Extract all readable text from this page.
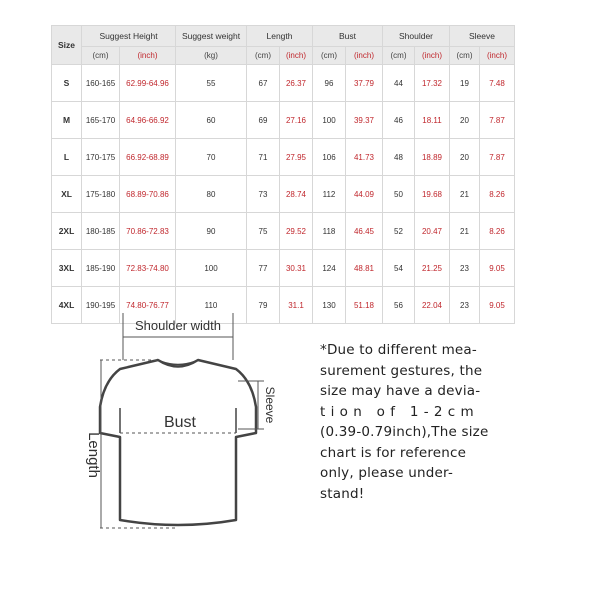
Size	Suggest Height		Suggest weight	Length		Bust		Shoulder		Sleeve	
	(cm)	(inch)	(kg)	(cm)	(inch)	(cm)	(inch)	(cm)	(inch)	(cm)	(inch)
S	160-165	62.99-64.96	55	67	26.37	96	37.79	44	17.32	19	7.48
M	165-170	64.96-66.92	60	69	27.16	100	39.37	46	18.11	20	7.87
L	170-175	66.92-68.89	70	71	27.95	106	41.73	48	18.89	20	7.87
XL	175-180	68.89-70.86	80	73	28.74	112	44.09	50	19.68	21	8.26
2XL	180-185	70.86-72.83	90	75	29.52	118	46.45	52	20.47	21	8.26
3XL	185-190	72.83-74.80	100	77	30.31	124	48.81	54	21.25	23	9.05
4XL	190-195	74.80-76.77	110	79	31.1	130	51.18	56	22.04	23	9.05
Shoulder width
Bust
Length
Sleeve
*Due to different mea-
surement gestures, the
size may have a devia-
tion of 1-2cm
(0.39-0.79inch),The size
chart is for reference
only, please under-
stand!
